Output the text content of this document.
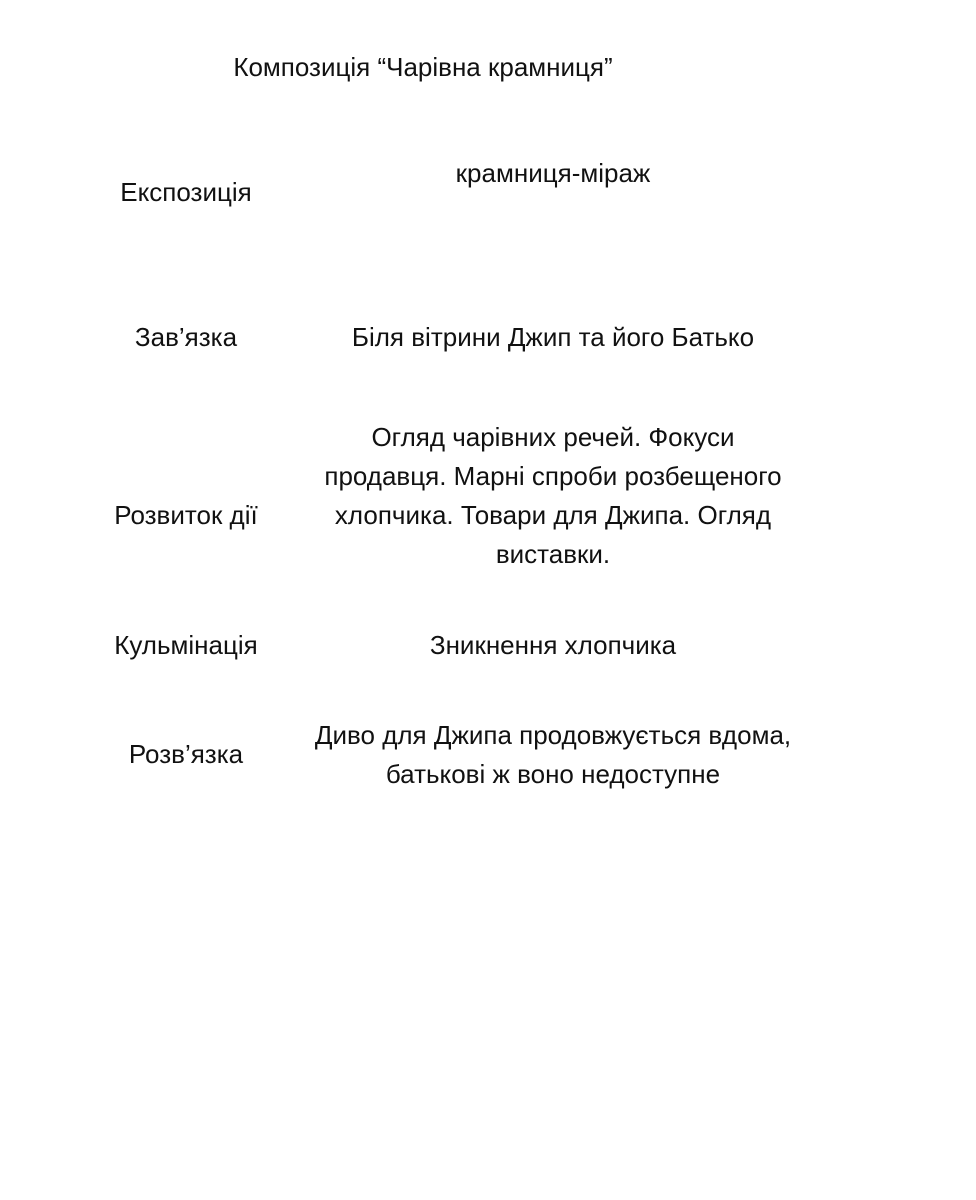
Композиція “Чарівна крамниця”
Експозиція
крамниця-міраж
Зав’язка	Біля вітрини Джип та його Батько
Розвиток дії
Огляд чарівних речей. Фокуси продавця. Марні спроби розбещеного хлопчика. Товари для Джипа. Огляд виставки.
Кульмінація	Зникнення хлопчика
Розв’язка
Диво для Джипа продовжується вдома, батькові ж воно недоступне
